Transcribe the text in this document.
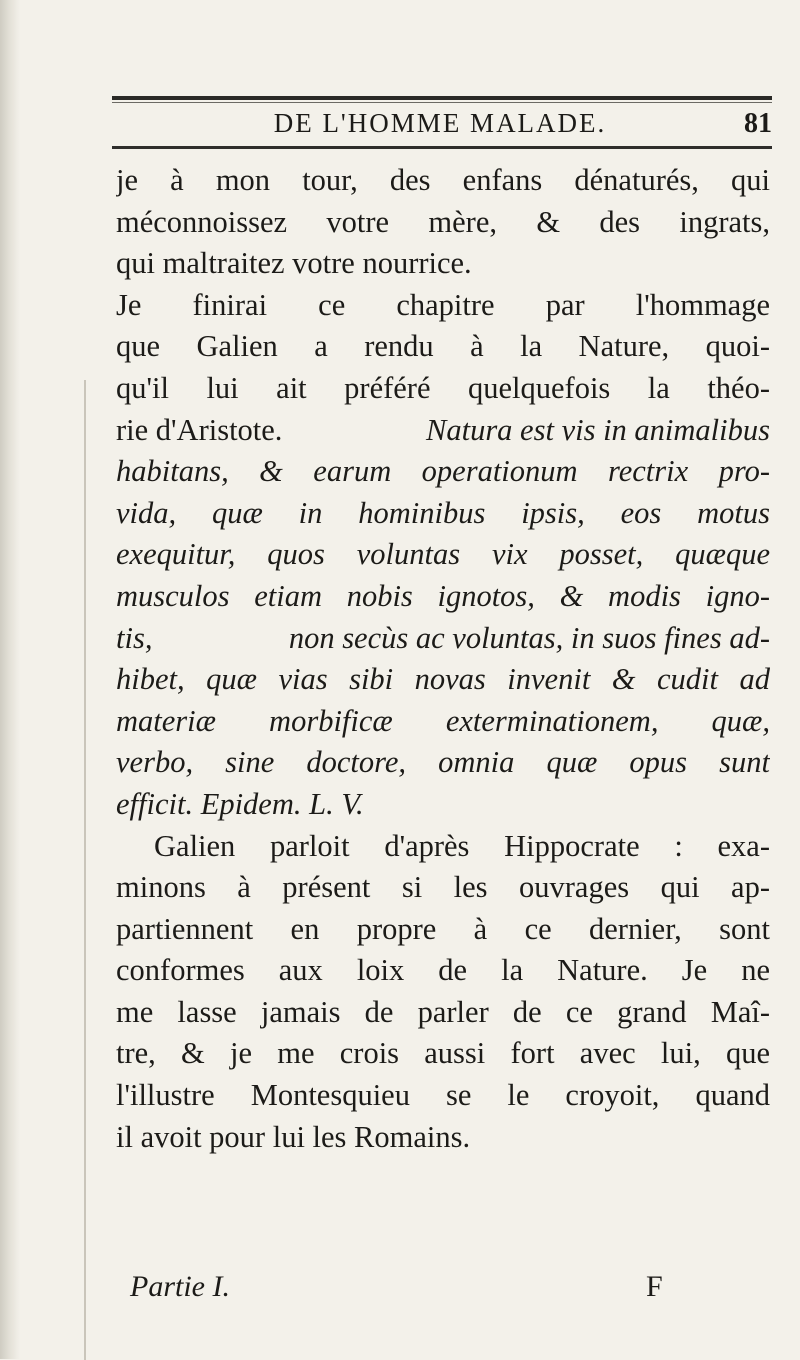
DE L'HOMME MALADE.	81
je à mon tour, des enfans dénaturés, qui
méconnoissez votre mère, & des ingrats,
qui maltraitez votre nourrice.
Je finirai ce chapitre par l'hommage
que Galien a rendu à la Nature, quoi-
qu'il lui ait préféré quelquefois la théo-
rie d'Aristote.	Natura est vis in animalibus
habitans, & earum operationum rectrix pro-
vida, quæ in hominibus ipsis, eos motus
exequitur, quos voluntas vix posset, quæque
musculos etiam nobis ignotos, & modis igno-
tis,	non secùs ac voluntas, in suos fines ad-
hibet, quæ vias sibi novas invenit & cudit ad
materiæ morbificæ exterminationem, quæ,
verbo, sine doctore, omnia quæ opus sunt
efficit. Epidem. L. V.
Galien parloit d'après Hippocrate : exa-
minons à présent si les ouvrages qui ap-
partiennent en propre à ce dernier, sont
conformes aux loix de la Nature. Je ne
me lasse jamais de parler de ce grand Maî-
tre, & je me crois aussi fort avec lui, que
l'illustre Montesquieu se le croyoit, quand
il avoit pour lui les Romains.
Partie I.	F
